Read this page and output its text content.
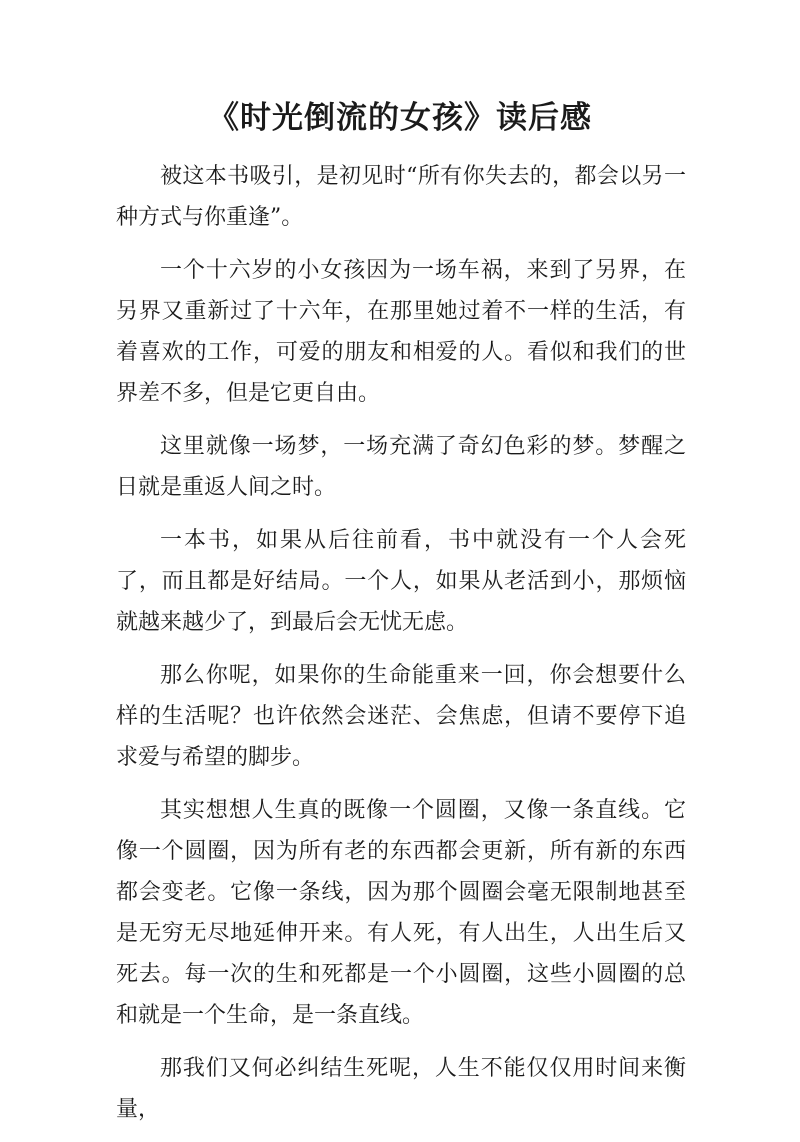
《时光倒流的女孩》读后感

被这本书吸引，是初见时“所有你失去的，都会以另一种方式与你重逢”。

一个十六岁的小女孩因为一场车祸，来到了另界，在另界又重新过了十六年，在那里她过着不一样的生活，有着喜欢的工作，可爱的朋友和相爱的人。看似和我们的世界差不多，但是它更自由。

这里就像一场梦，一场充满了奇幻色彩的梦。梦醒之日就是重返人间之时。

一本书，如果从后往前看，书中就没有一个人会死了，而且都是好结局。一个人，如果从老活到小，那烦恼就越来越少了，到最后会无忧无虑。

那么你呢，如果你的生命能重来一回，你会想要什么样的生活呢？也许依然会迷茫、会焦虑，但请不要停下追求爱与希望的脚步。

其实想想人生真的既像一个圆圈，又像一条直线。它像一个圆圈，因为所有老的东西都会更新，所有新的东西都会变老。它像一条线，因为那个圆圈会毫无限制地甚至是无穷无尽地延伸开来。有人死，有人出生，人出生后又死去。每一次的生和死都是一个小圆圈，这些小圆圈的总和就是一个生命，是一条直线。

那我们又何必纠结生死呢，人生不能仅仅用时间来衡量，
